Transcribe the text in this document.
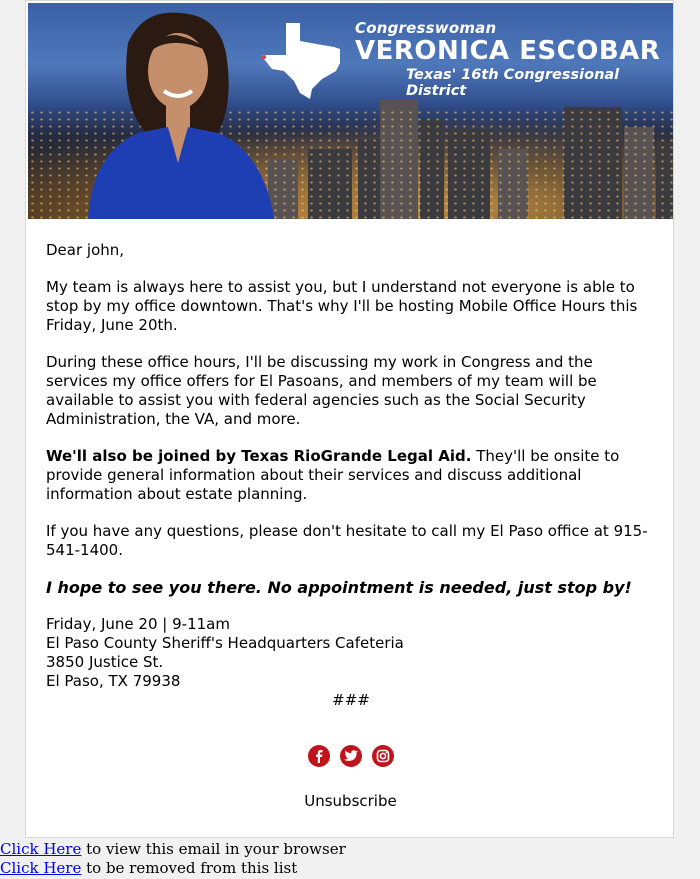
Congresswoman
VERONICA ESCOBAR
Texas' 16th Congressional District

Dear john,

My team is always here to assist you, but I understand not everyone is able to stop by my office downtown. That's why I'll be hosting Mobile Office Hours this Friday, June 20th.

During these office hours, I'll be discussing my work in Congress and the services my office offers for El Pasoans, and members of my team will be available to assist you with federal agencies such as the Social Security Administration, the VA, and more.

We'll also be joined by Texas RioGrande Legal Aid. They'll be onsite to provide general information about their services and discuss additional information about estate planning.

If you have any questions, please don't hesitate to call my El Paso office at 915-541-1400.

I hope to see you there. No appointment is needed, just stop by!

Friday, June 20 | 9-11am
El Paso County Sheriff's Headquarters Cafeteria
3850 Justice St.
El Paso, TX 79938
###
Unsubscribe
Click Here to view this email in your browser
Click Here to be removed from this list
